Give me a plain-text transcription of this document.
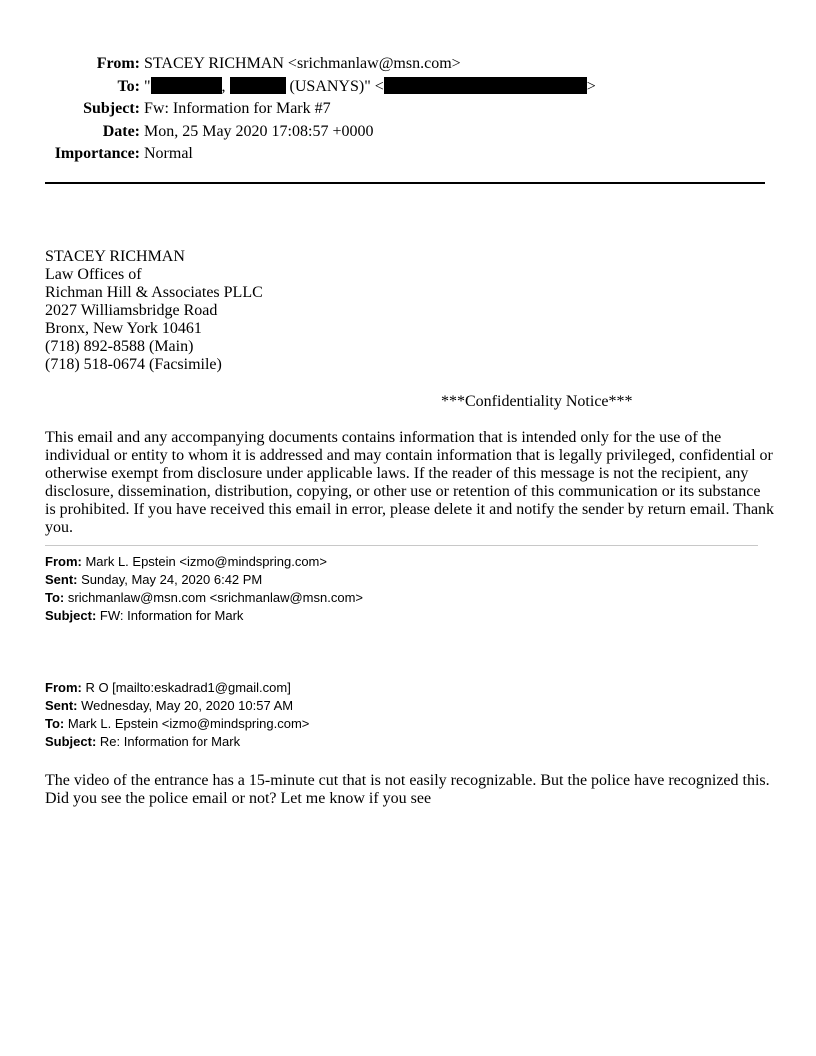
From: STACEY RICHMAN <srichmanlaw@msn.com>
To: "	,	(USANYS)" <	>
Subject: Fw: Information for Mark #7
Date: Mon, 25 May 2020 17:08:57 +0000
Importance: Normal
STACEY RICHMAN
Law Offices of
Richman Hill & Associates PLLC
2027 Williamsbridge Road
Bronx, New York 10461
(718) 892-8588 (Main)
(718) 518-0674 (Facsimile)
***Confidentiality Notice***
This email and any accompanying documents contains information that is intended only for the use of the individual or entity to whom it is addressed and may contain information that is legally privileged, confidential or otherwise exempt from disclosure under applicable laws. If the reader of this message is not the recipient, any disclosure, dissemination, distribution, copying, or other use or retention of this communication or its substance is prohibited. If you have received this email in error, please delete it and notify the sender by return email. Thank you.
From: Mark L. Epstein <izmo@mindspring.com>
Sent: Sunday, May 24, 2020 6:42 PM
To: srichmanlaw@msn.com <srichmanlaw@msn.com>
Subject: FW: Information for Mark
From: R O [mailto:eskadrad1@gmail.com]
Sent: Wednesday, May 20, 2020 10:57 AM
To: Mark L. Epstein <izmo@mindspring.com>
Subject: Re: Information for Mark
The video of the entrance has a 15-minute cut that is not easily recognizable. But the police have recognized this.
Did you see the police email or not? Let me know if you see
